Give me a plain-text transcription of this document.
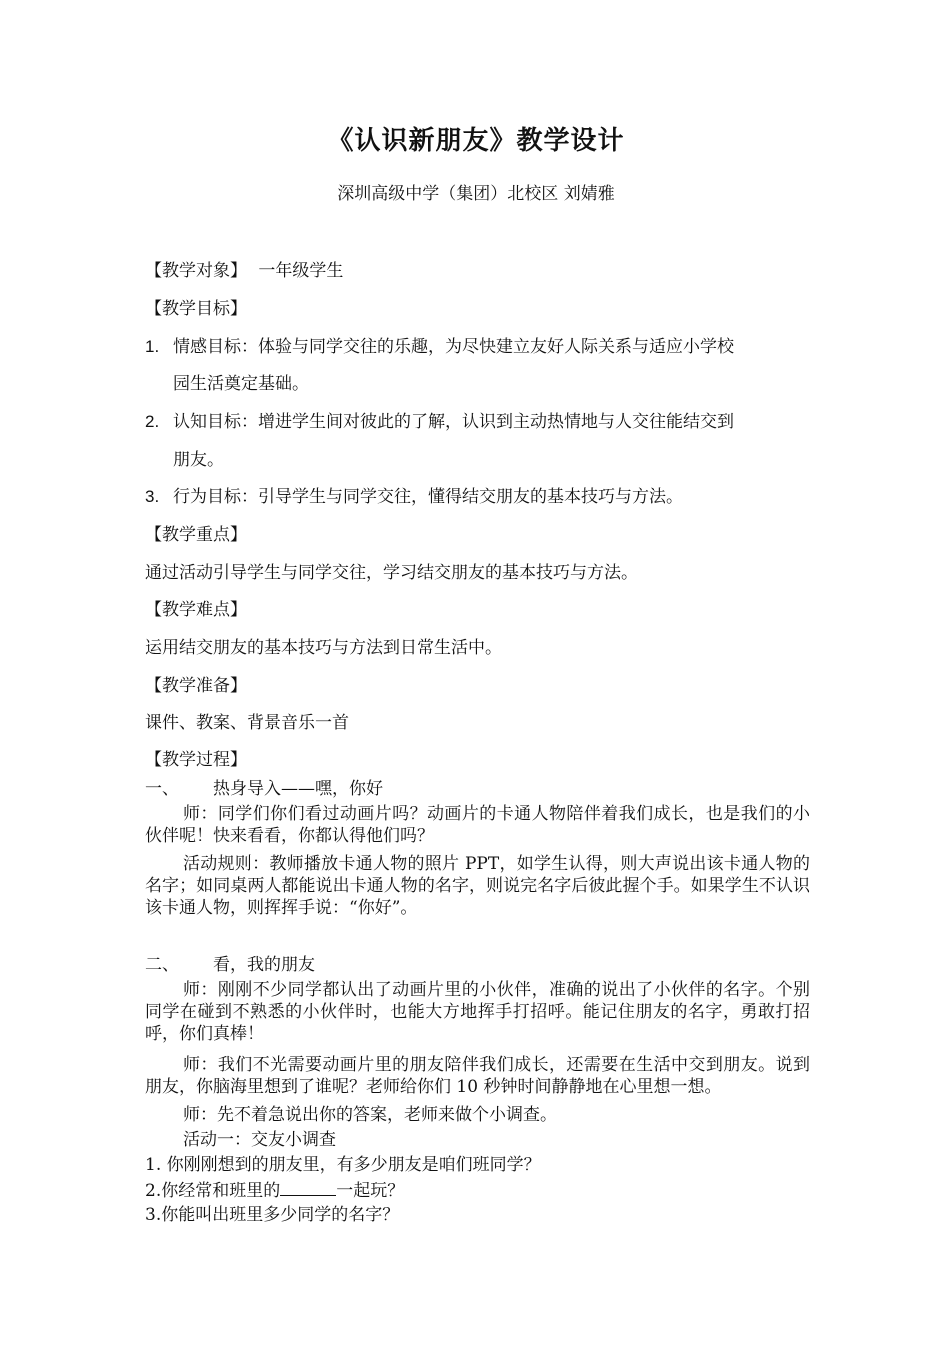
《认识新朋友》教学设计
深圳高级中学（集团）北校区 刘婧雅
【教学对象】 一年级学生
【教学目标】
1. 情感目标：体验与同学交往的乐趣，为尽快建立友好人际关系与适应小学校
园生活奠定基础。
2. 认知目标：增进学生间对彼此的了解，认识到主动热情地与人交往能结交到
朋友。
3. 行为目标：引导学生与同学交往，懂得结交朋友的基本技巧与方法。
【教学重点】
通过活动引导学生与同学交往，学习结交朋友的基本技巧与方法。
【教学难点】
运用结交朋友的基本技巧与方法到日常生活中。
【教学准备】
课件、教案、背景音乐一首
【教学过程】
一、 热身导入——嘿，你好
师：同学们你们看过动画片吗？动画片的卡通人物陪伴着我们成长，也是我们的小伙伴呢！快来看看，你都认得他们吗？
活动规则：教师播放卡通人物的照片 PPT，如学生认得，则大声说出该卡通人物的名字；如同桌两人都能说出卡通人物的名字，则说完名字后彼此握个手。如果学生不认识该卡通人物，则挥挥手说：“你好”。
二、 看，我的朋友
师：刚刚不少同学都认出了动画片里的小伙伴，准确的说出了小伙伴的名字。个别同学在碰到不熟悉的小伙伴时，也能大方地挥手打招呼。能记住朋友的名字，勇敢打招呼，你们真棒！
师：我们不光需要动画片里的朋友陪伴我们成长，还需要在生活中交到朋友。说到朋友，你脑海里想到了谁呢？老师给你们 10 秒钟时间静静地在心里想一想。
师：先不着急说出你的答案，老师来做个小调查。
活动一：交友小调查
1. 你刚刚想到的朋友里，有多少朋友是咱们班同学？
2.你经常和班里的	一起玩？
3.你能叫出班里多少同学的名字？
